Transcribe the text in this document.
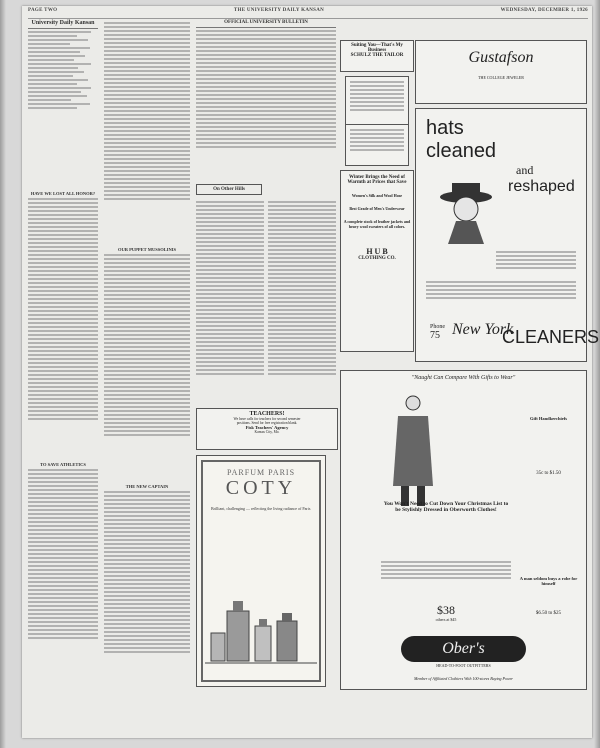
PAGE TWO	THE UNIVERSITY DAILY KANSAN	WEDNESDAY, DECEMBER 1, 1926
University Daily Kansan
HAVE WE LOST ALL HONOR?
TO SAVE ATHLETICS
OUR PUPPET MUSSOLINIS
THE NEW CAPTAIN
OFFICIAL UNIVERSITY BULLETIN
On Other Hills
TEACHERS!
We have calls for teachers for second semester
positions. Send for free registration blank.
Fisk Teachers' Agency
Kansas City, Mo.
PARFUM PARIS
COTY
Brilliant, challenging — reflecting the living radiance of Paris
Suiting You—That's My
Business
SCHULZ THE TAILOR
Winter Brings the Need of Warmth at Prices that Save
Women's Silk and Wool Hose
Best Grade of Men's Underwear
A complete stock of leather jackets and heavy wool sweaters of all colors.
H U B
CLOTHING CO.
Gustafson
THE COLLEGE JEWELER
hats
cleaned
and
reshaped
Phone
75 New York
CLEANERS
"Naught Can Compare With Gifts to Wear"
You Won't Need to Cut Down Your Christmas List to be Stylishly Dressed in Oberworth Clothes!
$38
others at $45
Gift Handkerchiefs
35c to $1.50
A man seldom buys a robe for himself
$6.50 to $25
Ober's
HEAD-TO-FOOT OUTFITTERS
Member of Affiliated Clothiers With 100-stores Buying Power
